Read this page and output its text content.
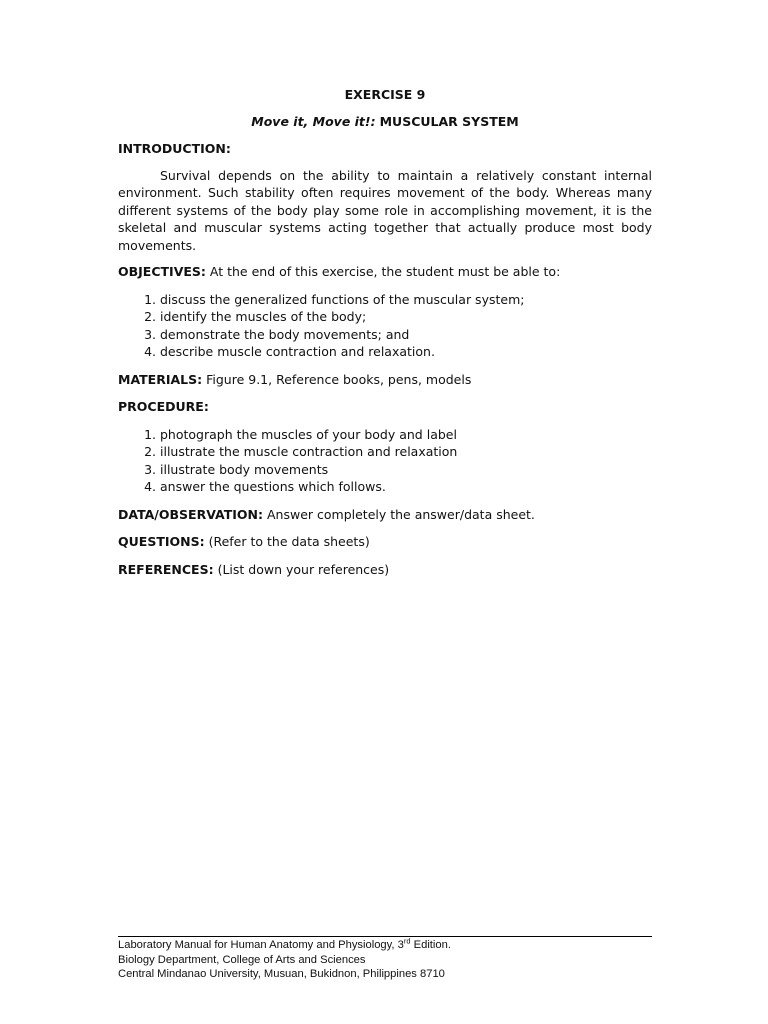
EXERCISE 9
Move it, Move it!: MUSCULAR SYSTEM
INTRODUCTION:

Survival depends on the ability to maintain a relatively constant internal environment. Such stability often requires movement of the body. Whereas many different systems of the body play some role in accomplishing movement, it is the skeletal and muscular systems acting together that actually produce most body movements.

OBJECTIVES: At the end of this exercise, the student must be able to:

1. discuss the generalized functions of the muscular system;
2. identify the muscles of the body;
3. demonstrate the body movements; and
4. describe muscle contraction and relaxation.

MATERIALS: Figure 9.1, Reference books, pens, models

PROCEDURE:

1. photograph the muscles of your body and label
2. illustrate the muscle contraction and relaxation
3. illustrate body movements
4. answer the questions which follows.

DATA/OBSERVATION: Answer completely the answer/data sheet.

QUESTIONS: (Refer to the data sheets)

REFERENCES: (List down your references)

Laboratory Manual for Human Anatomy and Physiology, 3rd Edition.
Biology Department, College of Arts and Sciences
Central Mindanao University, Musuan, Bukidnon, Philippines 8710
